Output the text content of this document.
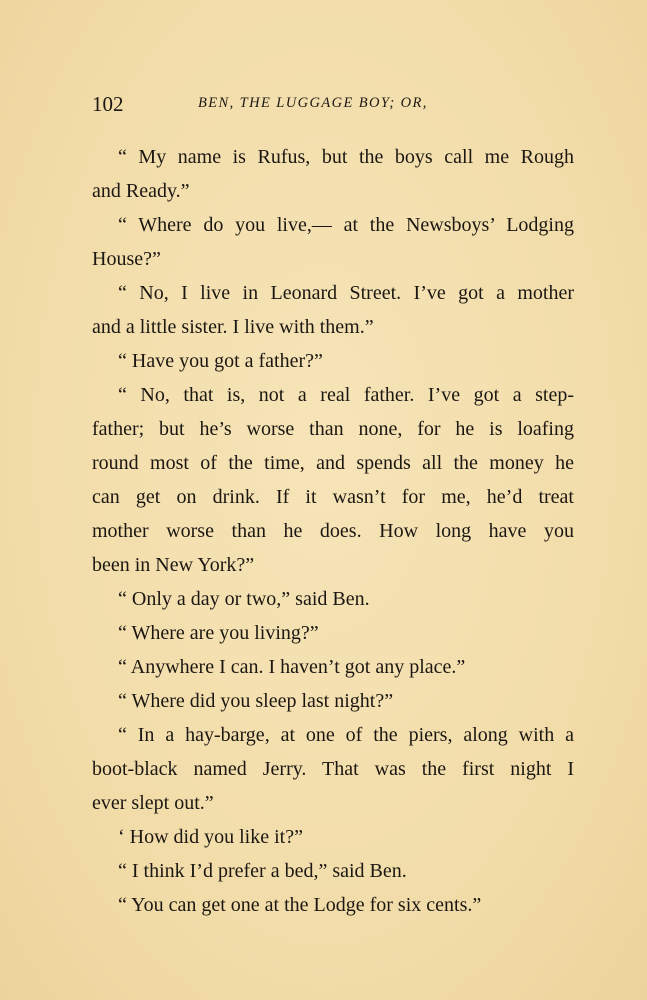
102	BEN, THE LUGGAGE BOY; OR,
“ My name is Rufus, but the boys call me Rough
and Ready.”
“ Where do you live,— at the Newsboys’ Lodging
House?”
“ No, I live in Leonard Street. I’ve got a mother
and a little sister. I live with them.”
“ Have you got a father?”
“ No, that is, not a real father. I’ve got a step-
father; but he’s worse than none, for he is loafing
round most of the time, and spends all the money he
can get on drink. If it wasn’t for me, he’d treat
mother worse than he does. How long have you
been in New York?”
“ Only a day or two,” said Ben.
“ Where are you living?”
“ Anywhere I can. I haven’t got any place.”
“ Where did you sleep last night?”
“ In a hay-barge, at one of the piers, along with a
boot-black named Jerry. That was the first night I
ever slept out.”
‘ How did you like it?”
“ I think I’d prefer a bed,” said Ben.
“ You can get one at the Lodge for six cents.”
